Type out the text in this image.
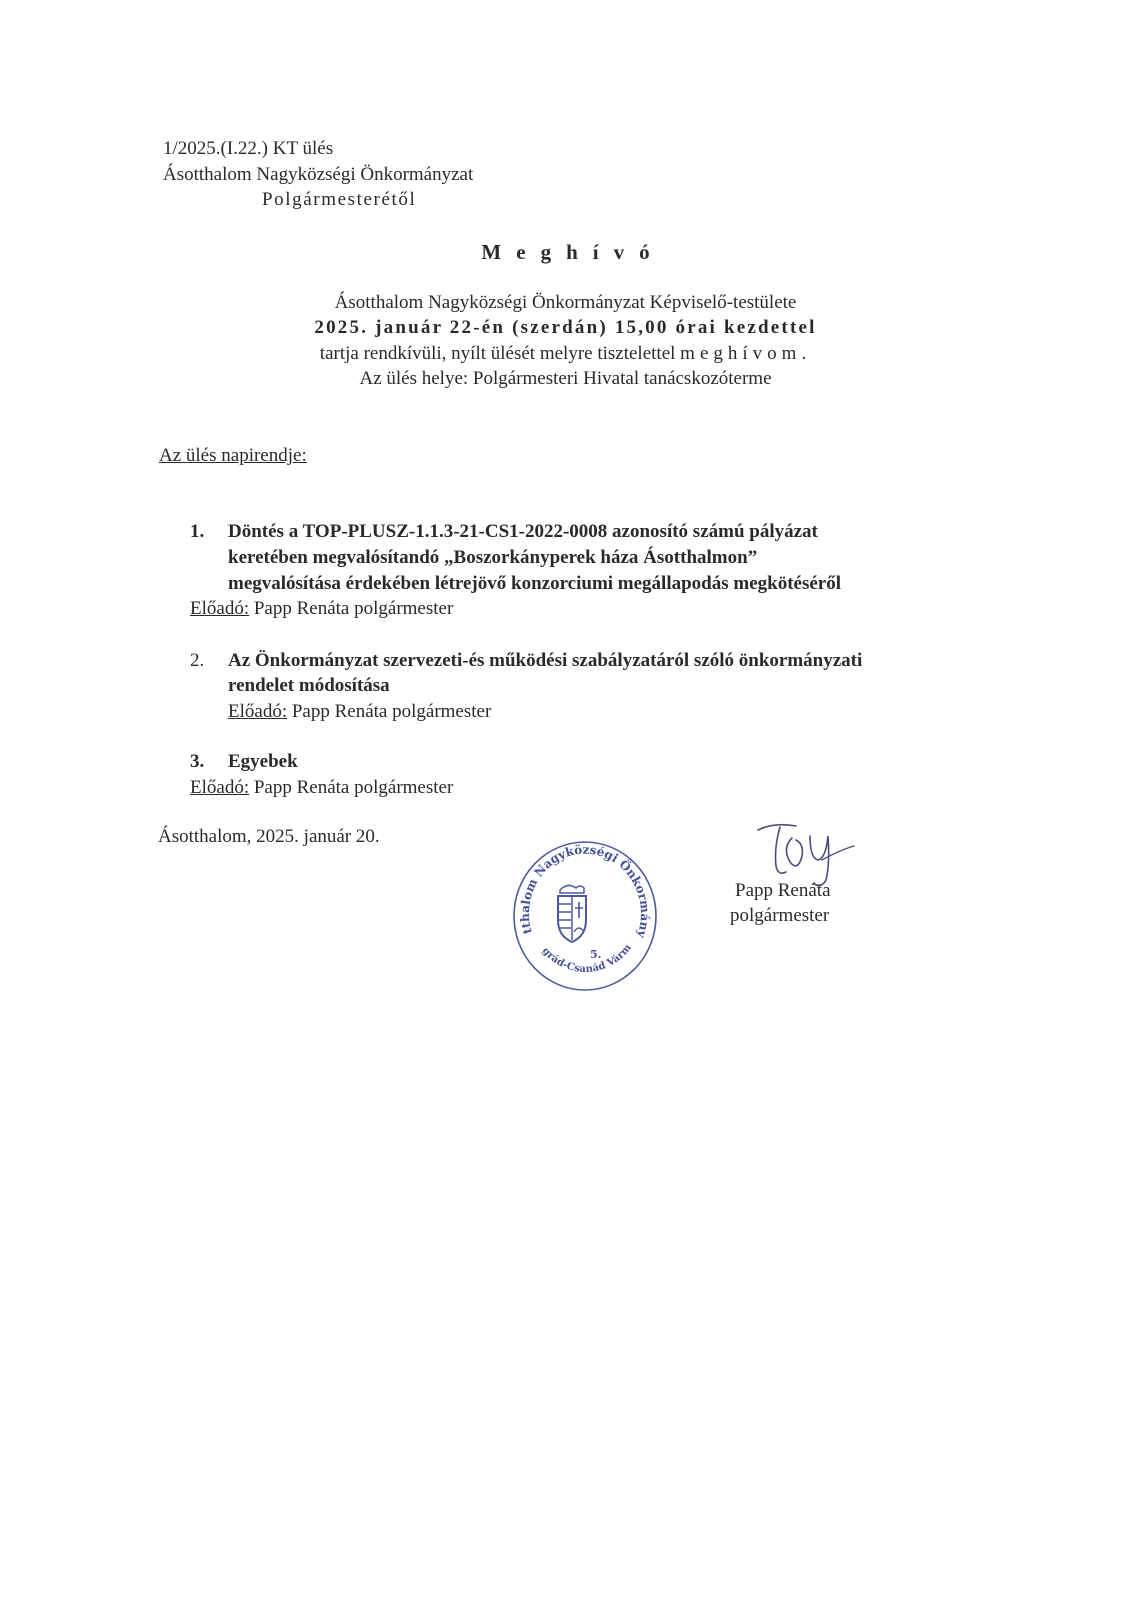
1/2025.(I.22.) KT ülés
Ásotthalom Nagyközségi Önkormányzat
Polgármesterétől
Meghívó
Ásotthalom Nagyközségi Önkormányzat Képviselő-testülete
2025. január 22-én (szerdán) 15,00 órai kezdettel
tartja rendkívüli, nyílt ülését melyre tisztelettel meghívom.
Az ülés helye: Polgármesteri Hivatal tanácskozóterme
Az ülés napirendje:
1. Döntés a TOP-PLUSZ-1.1.3-21-CS1-2022-0008 azonosító számú pályázat
keretében megvalósítandó „Boszorkányperek háza Ásotthalmon”
megvalósítása érdekében létrejövő konzorciumi megállapodás megkötéséről
Előadó: Papp Renáta polgármester
2. Az Önkormányzat szervezeti-és működési szabályzatáról szóló önkormányzati
rendelet módosítása
Előadó: Papp Renáta polgármester
3. Egyebek
Előadó: Papp Renáta polgármester
Ásotthalom, 2025. január 20.
tthalom Nagyközségi Önkormány
grád-Csanád Várm
5.
Papp Renáta
polgármester
